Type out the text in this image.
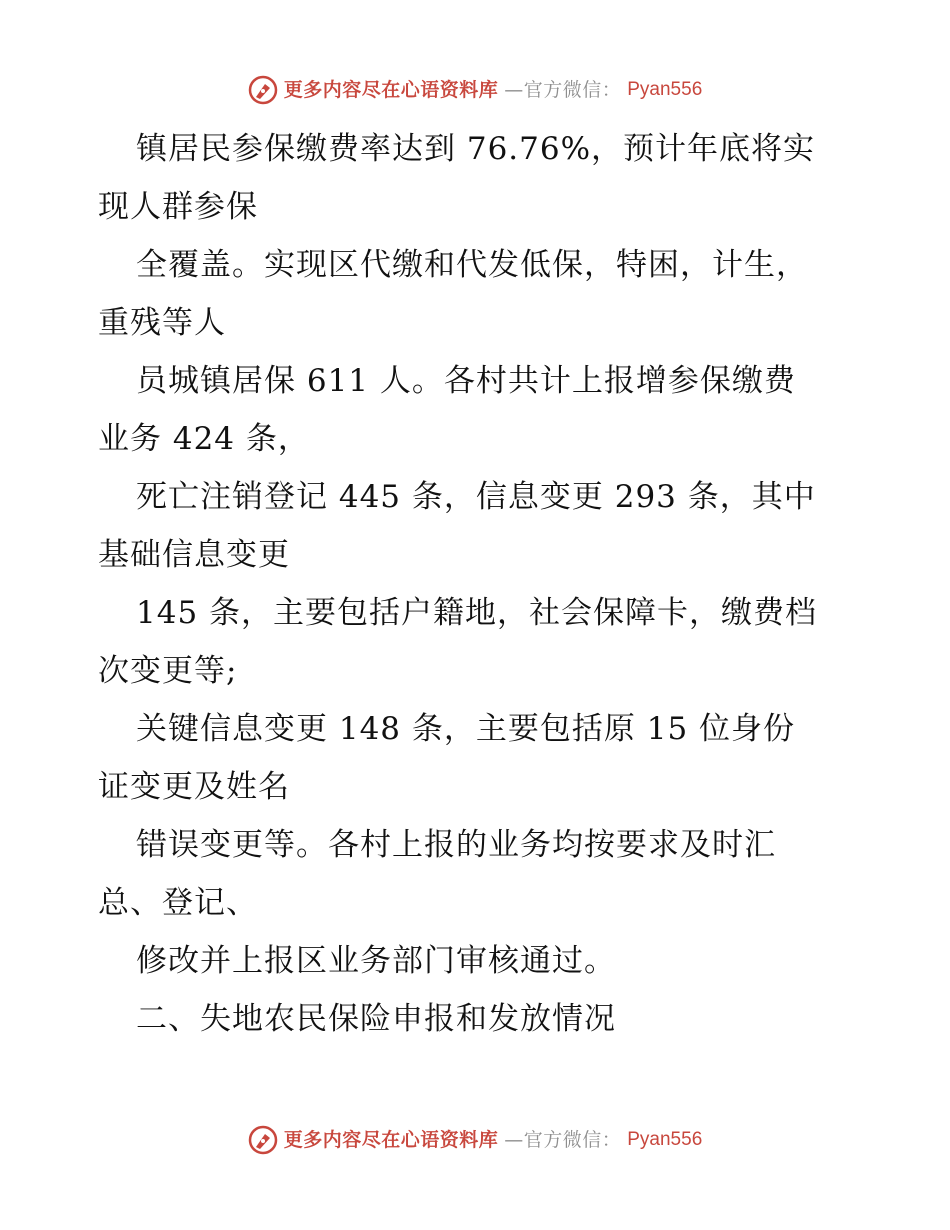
更多内容尽在心语资料库 —官方微信： Pyan556
镇居民参保缴费率达到 76.76%，预计年底将实
现人群参保
全覆盖。实现区代缴和代发低保，特困，计生，
重残等人
员城镇居保 611 人。各村共计上报增参保缴费
业务 424 条，
死亡注销登记 445 条，信息变更 293 条，其中
基础信息变更
145 条，主要包括户籍地，社会保障卡，缴费档
次变更等;
关键信息变更 148 条，主要包括原 15 位身份
证变更及姓名
错误变更等。各村上报的业务均按要求及时汇
总、登记、
修改并上报区业务部门审核通过。
二、失地农民保险申报和发放情况
更多内容尽在心语资料库 —官方微信： Pyan556
